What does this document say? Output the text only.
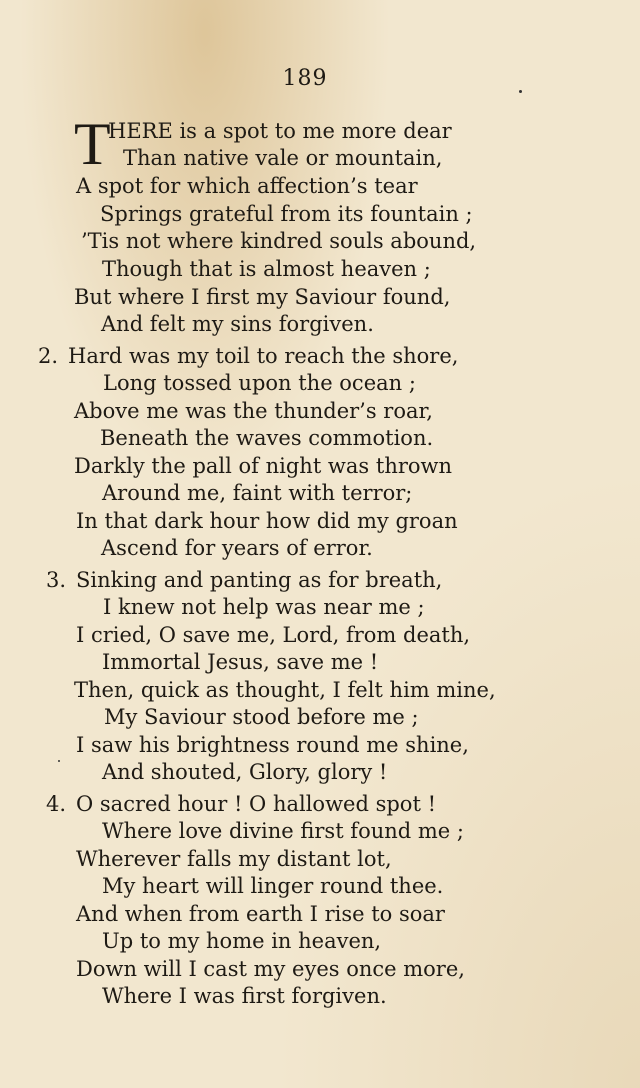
189
T
HERE is a spot to me more dear
Than native vale or mountain,
A spot for which affection’s tear
Springs grateful from its fountain ;
’Tis not where kindred souls abound,
Though that is almost heaven ;
But where I first my Saviour found,
And felt my sins forgiven.
2. Hard was my toil to reach the shore,
Long tossed upon the ocean ;
Above me was the thunder’s roar,
Beneath the waves commotion.
Darkly the pall of night was thrown
Around me, faint with terror;
In that dark hour how did my groan
Ascend for years of error.
3. Sinking and panting as for breath,
I knew not help was near me ;
I cried, O save me, Lord, from death,
Immortal Jesus, save me !
Then, quick as thought, I felt him mine,
My Saviour stood before me ;
I saw his brightness round me shine,
And shouted, Glory, glory !
4. O sacred hour ! O hallowed spot !
Where love divine first found me ;
Wherever falls my distant lot,
My heart will linger round thee.
And when from earth I rise to soar
Up to my home in heaven,
Down will I cast my eyes once more,
Where I was first forgiven.
